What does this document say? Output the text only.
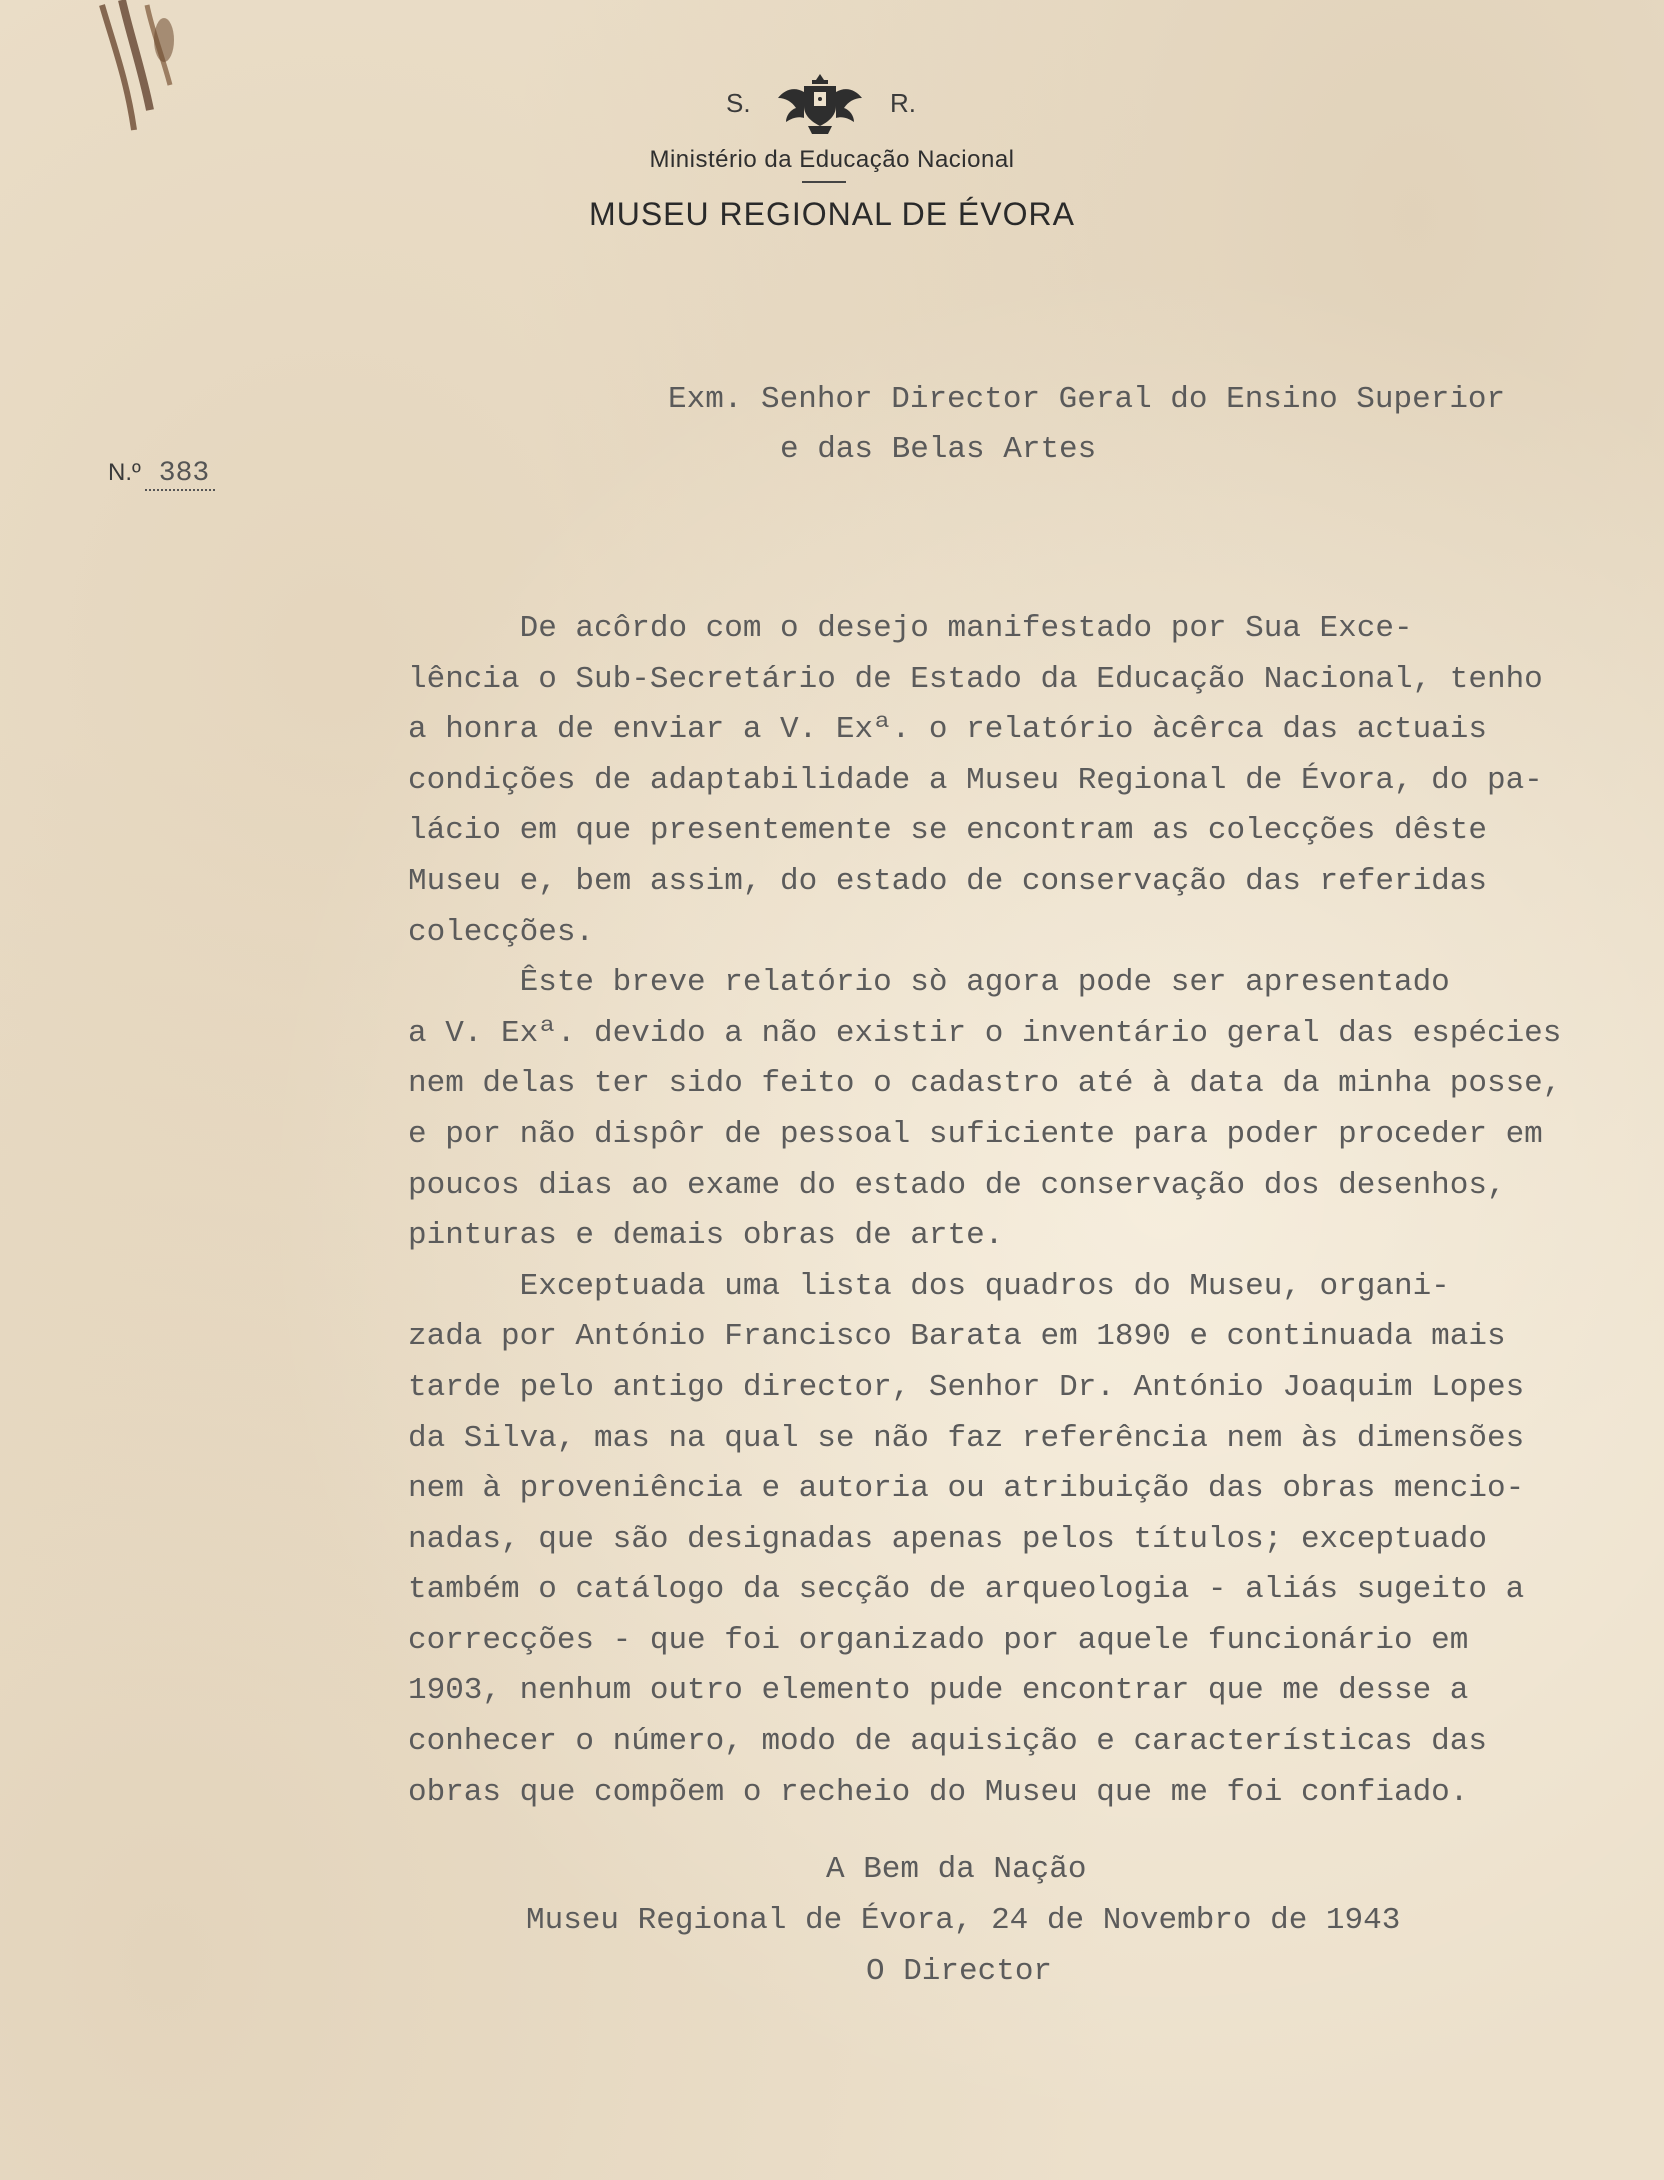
S.	R.
Ministério da Educação Nacional
MUSEU REGIONAL DE ÉVORA
Exm. Senhor Director Geral do Ensino Superior
e das Belas Artes
N.º 383
De acôrdo com o desejo manifestado por Sua Exce-
lência o Sub-Secretário de Estado da Educação Nacional, tenho
a honra de enviar a V. Exª. o relatório àcêrca das actuais
condições de adaptabilidade a Museu Regional de Évora, do pa-
lácio em que presentemente se encontram as colecções dêste
Museu e, bem assim, do estado de conservação das referidas
colecções.
Êste breve relatório sò agora pode ser apresentado
a V. Exª. devido a não existir o inventário geral das espécies
nem delas ter sido feito o cadastro até à data da minha posse,
e por não dispôr de pessoal suficiente para poder proceder em
poucos dias ao exame do estado de conservação dos desenhos,
pinturas e demais obras de arte.
Exceptuada uma lista dos quadros do Museu, organi-
zada por António Francisco Barata em 1890 e continuada mais
tarde pelo antigo director, Senhor Dr. António Joaquim Lopes
da Silva, mas na qual se não faz referência nem às dimensões
nem à proveniência e autoria ou atribuição das obras mencio-
nadas, que são designadas apenas pelos títulos; exceptuado
também o catálogo da secção de arqueologia - aliás sugeito a
correcções - que foi organizado por aquele funcionário em
1903, nenhum outro elemento pude encontrar que me desse a
conhecer o número, modo de aquisição e características das
obras que compõem o recheio do Museu que me foi confiado.
A Bem da Nação
Museu Regional de Évora, 24 de Novembro de 1943
O Director
